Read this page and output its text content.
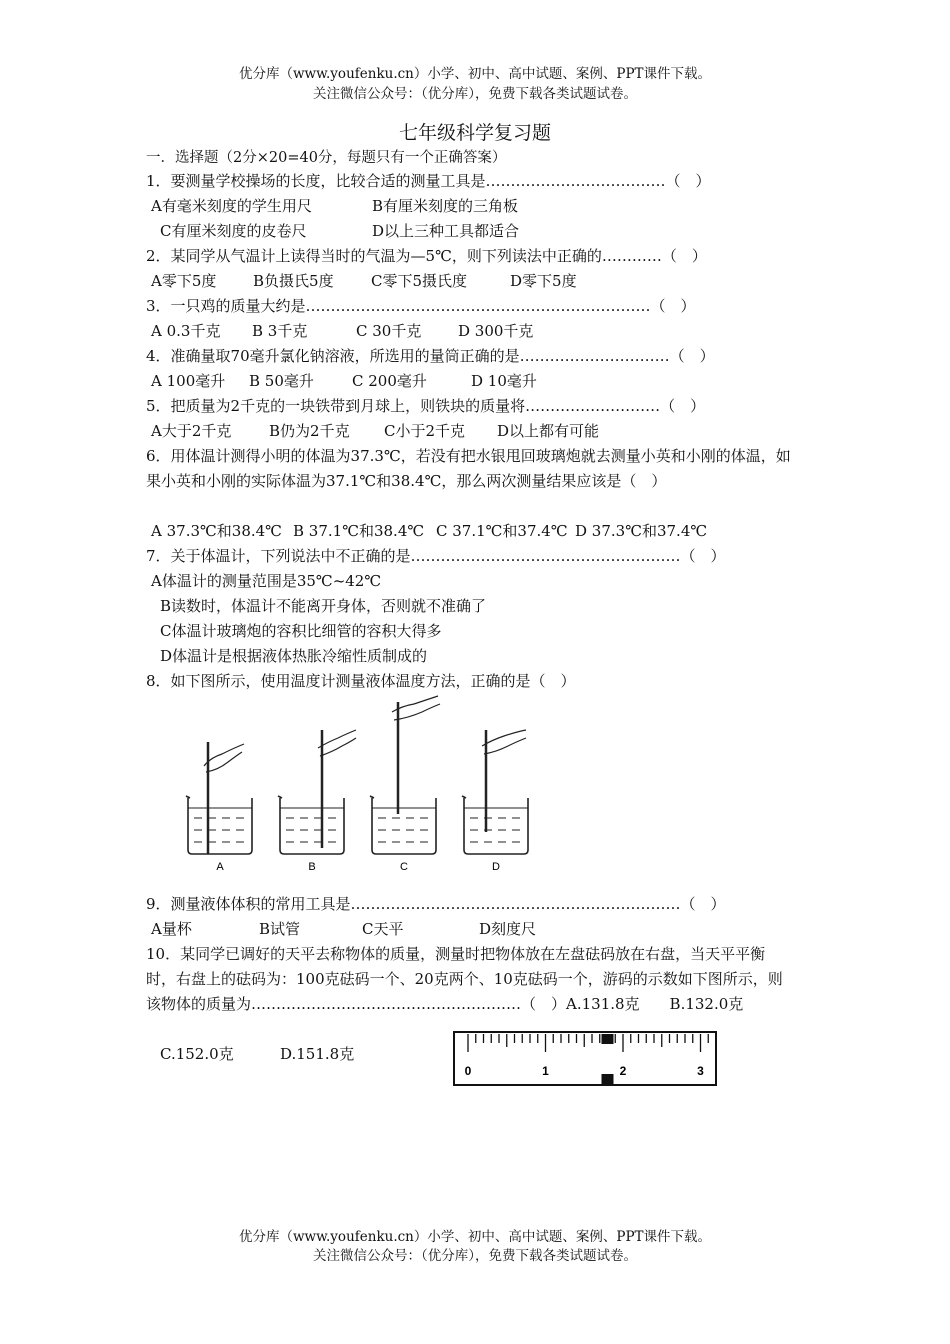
优分库（www.youfenku.cn）小学、初中、高中试题、案例、PPT课件下载。
关注微信公众号：（优分库），免费下载各类试题试卷。
七年级科学复习题
一．选择题（2分×20=40分，每题只有一个正确答案）
1．要测量学校操场的长度，比较合适的测量工具是………………………………（　）
A有毫米刻度的学生用尺	B有厘米刻度的三角板
C有厘米刻度的皮卷尺	D以上三种工具都适合
2．某同学从气温计上读得当时的气温为—5℃，则下列读法中正确的…………（　）
A零下5度 B负摄氏5度 C零下5摄氏度	D零下5度
3．一只鸡的质量大约是……………………………………………………………（　）
A 0.3千克 B 3千克	C 30千克 D 300千克
4．准确量取70毫升氯化钠溶液，所选用的量筒正确的是…………………………（　）
A 100毫升 B 50毫升	C 200毫升	D 10毫升
5．把质量为2千克的一块铁带到月球上，则铁块的质量将………………………（　）
A大于2千克	B仍为2千克 C小于2千克 D以上都有可能
6．用体温计测得小明的体温为37.3℃，若没有把水银甩回玻璃炮就去测量小英和小刚的体温，如果小英和小刚的实际体温为37.1℃和38.4℃，那么两次测量结果应该是（　）
A 37.3℃和38.4℃ B 37.1℃和38.4℃ C 37.1℃和37.4℃ D 37.3℃和37.4℃
7．关于体温计，下列说法中不正确的是………………………………………………（　）
A体温计的测量范围是35℃~42℃
B读数时，体温计不能离开身体，否则就不准确了
C体温计玻璃炮的容积比细管的容积大得多
D体温计是根据液体热胀冷缩性质制成的
8．如下图所示，使用温度计测量液体温度方法，正确的是（　）
A	B	C	D
9．测量液体体积的常用工具是…………………………………………………………（　）
A量杯	B试管	C天平	D刻度尺
10．某同学已调好的天平去称物体的质量，测量时把物体放在左盘砝码放在右盘，当天平平衡时，右盘上的砝码为：100克砝码一个、20克两个、10克砝码一个，游码的示数如下图所示，则该物体的质量为………………………………………………（　）A.131.8克　　B.132.0克
C.152.0克	D.151.8克
0	1	2	3
优分库（www.youfenku.cn）小学、初中、高中试题、案例、PPT课件下载。
关注微信公众号：（优分库），免费下载各类试题试卷。
